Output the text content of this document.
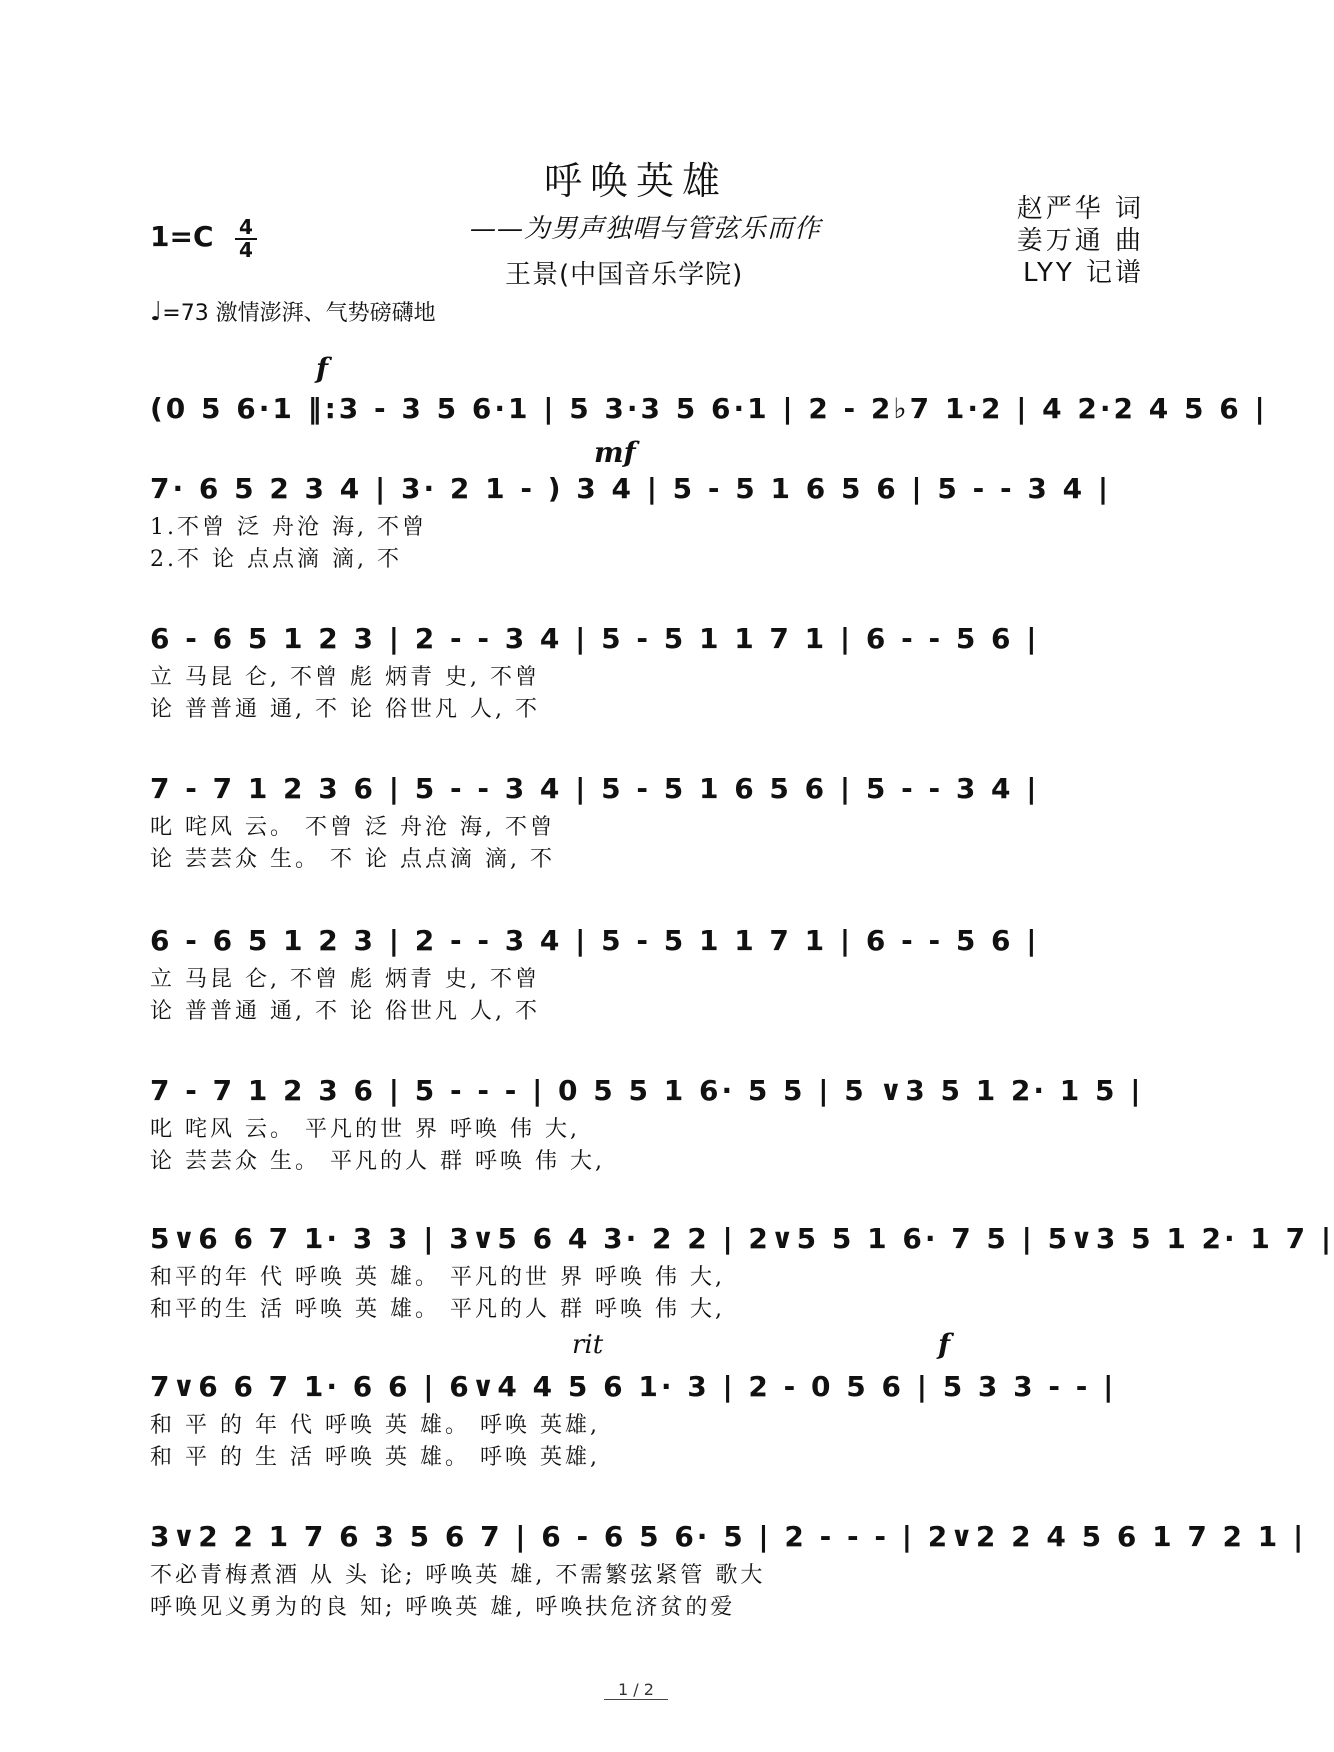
呼唤英雄
——为男声独唱与管弦乐而作
王景(中国音乐学院)
赵严华 词
姜万通 曲
LYY 记谱
1=C 4
4
♩=73 激情澎湃、气势磅礴地
f
mf
rit	f
(0 5 6·1 ‖:3 - 3 5 6·1 | 5 3·3 5 6·1 | 2 - 2♭7 1·2 | 4 2·2 4 5 6 |
7· 6 5 2 3 4 | 3· 2 1 - ) 3 4 | 5 - 5 1 6 5 6 | 5 - - 3 4 |
1.不曾 泛 舟沧 海, 不曾
2.不 论 点点滴 滴, 不
6 - 6 5 1 2 3 | 2 - - 3 4 | 5 - 5 1 1 7 1 | 6 - - 5 6 |
立 马昆 仑, 不曾 彪 炳青 史, 不曾
论 普普通 通, 不 论 俗世凡 人, 不
7 - 7 1 2 3 6 | 5 - - 3 4 | 5 - 5 1 6 5 6 | 5 - - 3 4 |
叱 咤风 云。 不曾 泛 舟沧 海, 不曾
论 芸芸众 生。 不 论 点点滴 滴, 不
6 - 6 5 1 2 3 | 2 - - 3 4 | 5 - 5 1 1 7 1 | 6 - - 5 6 |
立 马昆 仑, 不曾 彪 炳青 史, 不曾
论 普普通 通, 不 论 俗世凡 人, 不
7 - 7 1 2 3 6 | 5 - - - | 0 5 5 1 6· 5 5 | 5 ∨3 5 1 2· 1 5 |
叱 咤风 云。 平凡的世 界 呼唤 伟 大,
论 芸芸众 生。 平凡的人 群 呼唤 伟 大,
5∨6 6 7 1· 3 3 | 3∨5 6 4 3· 2 2 | 2∨5 5 1 6· 7 5 | 5∨3 5 1 2· 1 7 |
和平的年 代 呼唤 英 雄。 平凡的世 界 呼唤 伟 大,
和平的生 活 呼唤 英 雄。 平凡的人 群 呼唤 伟 大,
7∨6 6 7 1· 6 6 | 6∨4 4 5 6 1· 3 | 2 - 0 5 6 | 5 3 3 - - |
和 平 的 年 代 呼唤 英 雄。 呼唤 英雄,
和 平 的 生 活 呼唤 英 雄。 呼唤 英雄,
3∨2 2 1 7 6 3 5 6 7 | 6 - 6 5 6· 5 | 2 - - - | 2∨2 2 4 5 6 1 7 2 1 |
不必青梅煮酒 从 头 论; 呼唤英 雄, 不需繁弦紧管 歌大
呼唤见义勇为的良 知; 呼唤英 雄, 呼唤扶危济贫的爱
1 / 2
